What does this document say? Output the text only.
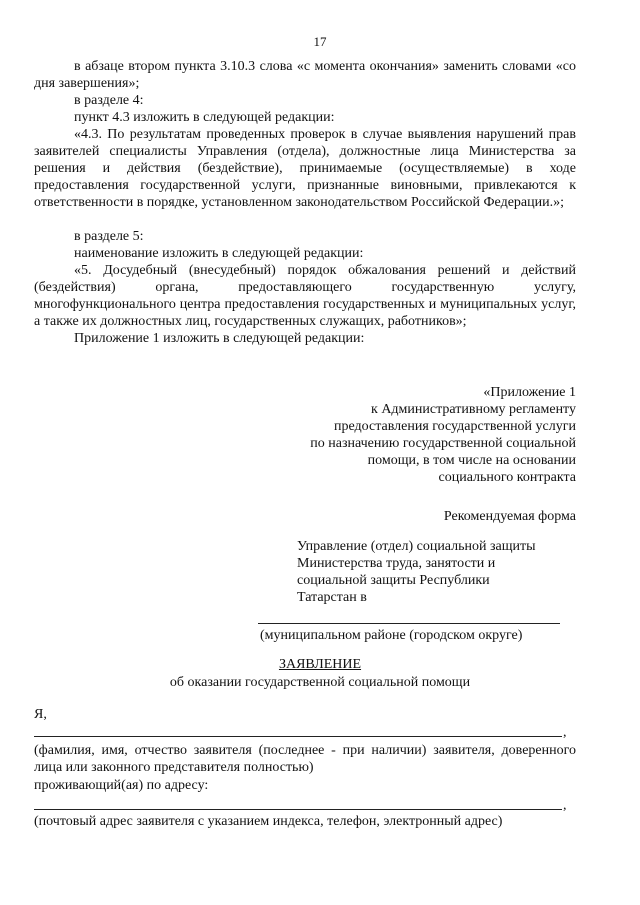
17
в абзаце втором пункта 3.10.3 слова «с момента окончания» заменить словами «со дня завершения»;
в разделе 4:
пункт 4.3 изложить в следующей редакции:
«4.3. По результатам проведенных проверок в случае выявления нарушений прав заявителей специалисты Управления (отдела), должностные лица Министерства за решения и действия (бездействие), принимаемые (осуществляемые) в ходе предоставления государственной услуги, признанные виновными, привлекаются к ответственности в порядке, установленном законодательством Российской Федерации.»;
в разделе 5:
наименование изложить в следующей редакции:
«5. Досудебный (внесудебный) порядок обжалования решений и действий (бездействия) органа, предоставляющего государственную услугу, многофункционального центра предоставления государственных и муниципальных услуг, а также их должностных лиц, государственных служащих, работников»;
Приложение 1 изложить в следующей редакции:
«Приложение 1
к Административному регламенту
предоставления государственной услуги
по назначению государственной социальной
помощи, в том числе на основании
социального контракта
Рекомендуемая форма
Управление (отдел) социальной защиты
Министерства труда, занятости и
социальной защиты Республики
Татарстан в
(муниципальном районе (городском округе)
ЗАЯВЛЕНИЕ
об оказании государственной социальной помощи
Я,
,
(фамилия, имя, отчество заявителя (последнее - при наличии) заявителя, доверенного лица или законного представителя полностью)
проживающий(ая) по адресу:
,
(почтовый адрес заявителя с указанием индекса, телефон, электронный адрес)
